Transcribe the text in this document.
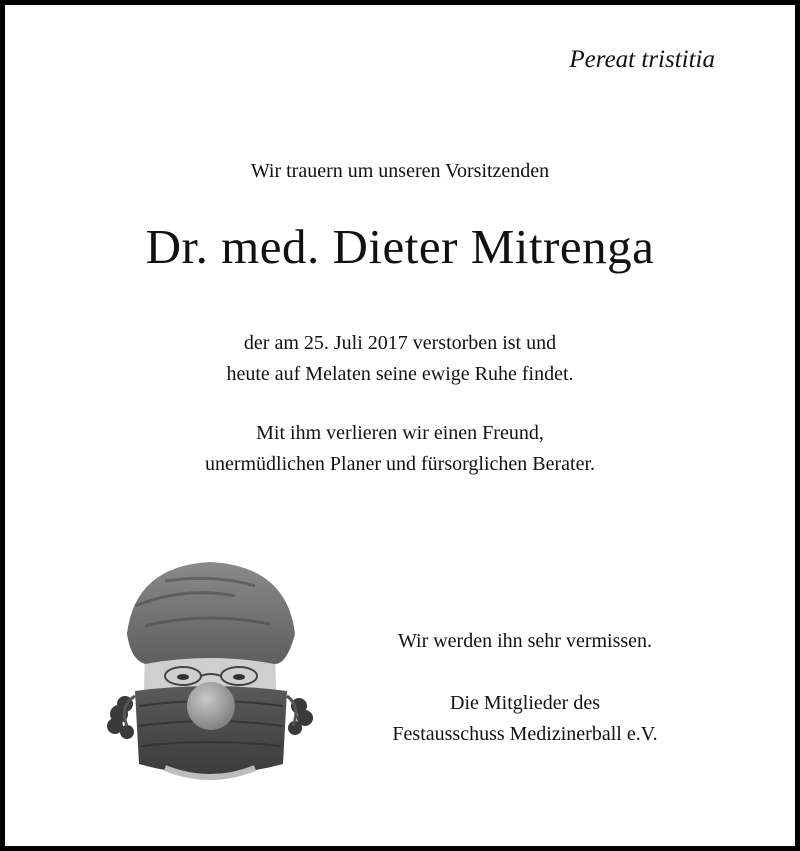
Pereat tristitia

Wir trauern um unseren Vorsitzenden

Dr. med. Dieter Mitrenga
der am 25. Juli 2017 verstorben ist und
heute auf Melaten seine ewige Ruhe findet.
Mit ihm verlieren wir einen Freund,
unermüdlichen Planer und fürsorglichen Berater.

Wir werden ihn sehr vermissen.

Die Mitglieder des
Festausschuss Medizinerball e.V.
